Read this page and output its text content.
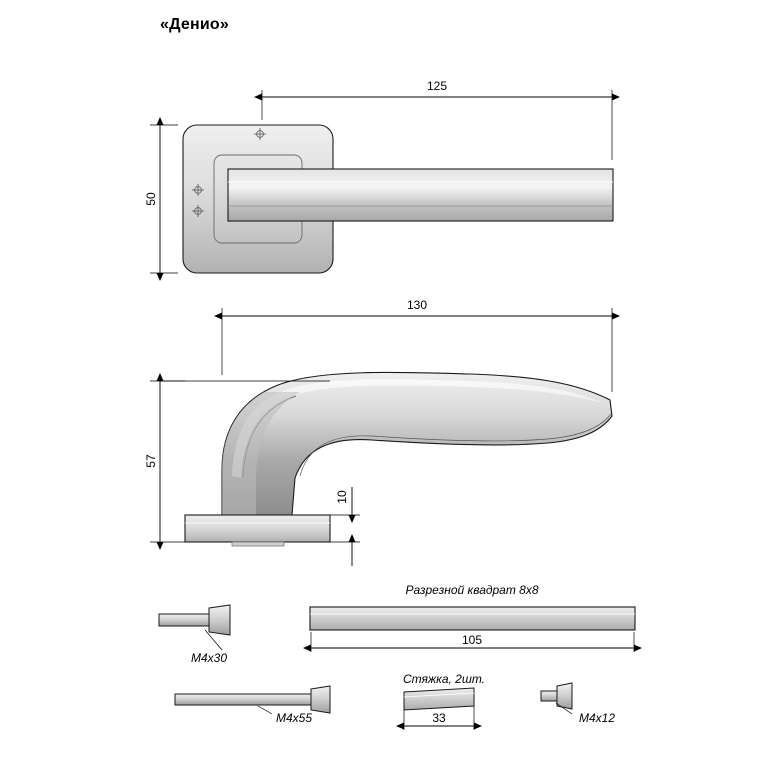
«Денио»
125
50
130
57
10
Разрезной квадрат 8х8
105
M4x30
M4x55
Стяжка, 2шт.
33	M4x12
